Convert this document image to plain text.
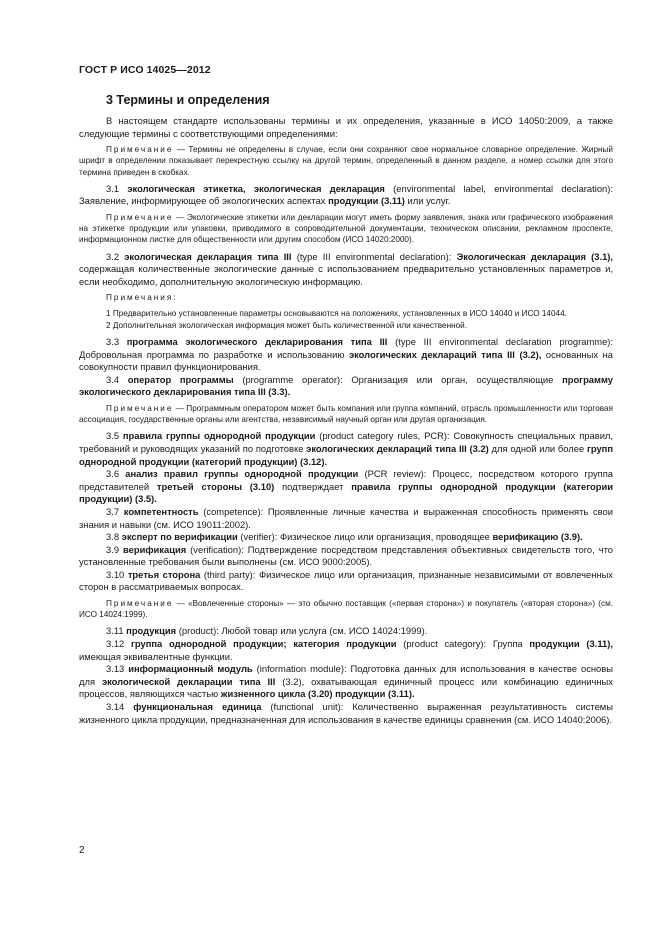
ГОСТ Р ИСО 14025—2012
3 Термины и определения

В настоящем стандарте использованы термины и их определения, указанные в ИСО 14050:2009, а также следующие термины с соответствующими определениями:

Примечание — Термины не определены в случае, если они сохраняют свое нормальное словарное определение. Жирный шрифт в определении показывает перекрестную ссылку на другой термин, определенный в данном разделе, а номер ссылки для этого термина приведен в скобках.

3.1 экологическая этикетка, экологическая декларация (environmental label, environmental declaration): Заявление, информирующее об экологических аспектах продукции (3.11) или услуг.

Примечание — Экологические этикетки или декларации могут иметь форму заявления, знака или графического изображения на этикетке продукции или упаковки, приводимого в сопроводительной документации, техническом описании, рекламном проспекте, информационном листке для общественности или другим способом (ИСО 14020:2000).

3.2 экологическая декларация типа III (type III environmental declaration): Экологическая декларация (3.1), содержащая количественные экологические данные с использованием предварительно установленных параметров и, если необходимо, дополнительную экологическую информацию.

Примечания:

1 Предварительно установленные параметры основываются на положениях, установленных в ИСО 14040 и ИСО 14044.

2 Дополнительная экологическая информация может быть количественной или качественной.

3.3 программа экологического декларирования типа III (type III environmental declaration programme): Добровольная программа по разработке и использованию экологических деклараций типа III (3.2), основанных на совокупности правил функционирования.

3.4 оператор программы (programme operator): Организация или орган, осуществляющие программу экологического декларирования типа III (3.3).

Примечание — Программным оператором может быть компания или группа компаний, отрасль промышленности или торговая ассоциация, государственные органы или агентства, независимый научный орган или другая организация.

3.5 правила группы однородной продукции (product category rules, PCR): Совокупность специальных правил, требований и руководящих указаний по подготовке экологических деклараций типа III (3.2) для одной или более групп однородной продукции (категорий продукции) (3.12).

3.6 анализ правил группы однородной продукции (PCR review): Процесс, посредством которого группа представителей третьей стороны (3.10) подтверждает правила группы однородной продукции (категории продукции) (3.5).

3.7 компетентность (competence): Проявленные личные качества и выраженная способность применять свои знания и навыки (см. ИСО 19011:2002).

3.8 эксперт по верификации (verifier): Физическое лицо или организация, проводящее верификацию (3.9).

3.9 верификация (verification): Подтверждение посредством представления объективных свидетельств того, что установленные требования были выполнены (см. ИСО 9000:2005).

3.10 третья сторона (third party): Физическое лицо или организация, признанные независимыми от вовлеченных сторон в рассматриваемых вопросах.

Примечание — «Вовлеченные стороны» — это обычно поставщик («первая сторона») и покупатель («вторая сторона») (см. ИСО 14024:1999).

3.11 продукция (product): Любой товар или услуга (см. ИСО 14024:1999).

3.12 группа однородной продукции; категория продукции (product category): Группа продукции (3.11), имеющая эквивалентные функции.

3.13 информационный модуль (information module): Подготовка данных для использования в качестве основы для экологической декларации типа III (3.2), охватывающая единичный процесс или комбинацию единичных процессов, являющихся частью жизненного цикла (3.20) продукции (3.11).

3.14 функциональная единица (functional unit): Количественно выраженная результативность системы жизненного цикла продукции, предназначенная для использования в качестве единицы сравнения (см. ИСО 14040:2006).

2
